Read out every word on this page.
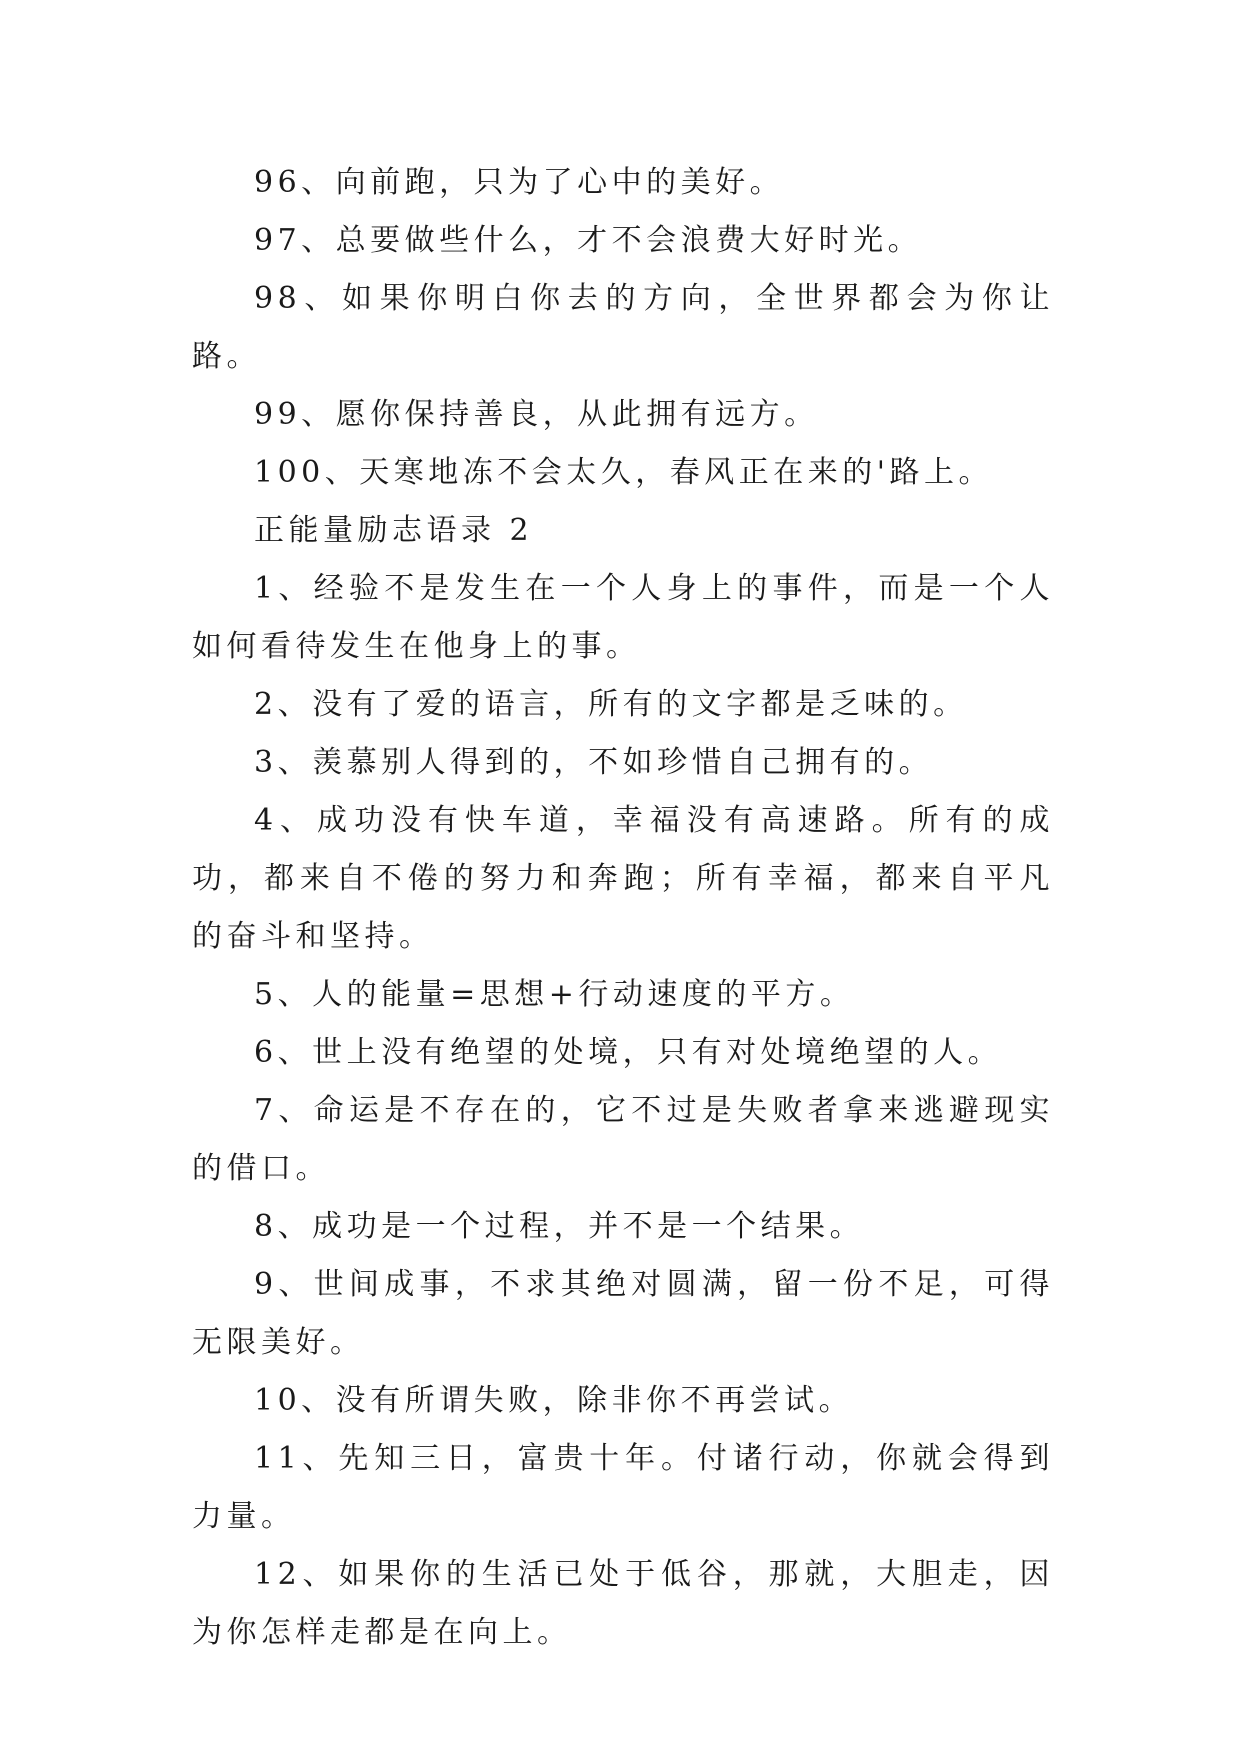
96、向前跑，只为了心中的美好。

97、总要做些什么，才不会浪费大好时光。

98、如果你明白你去的方向，全世界都会为你让路。

99、愿你保持善良，从此拥有远方。

100、天寒地冻不会太久，春风正在来的'路上。

正能量励志语录 2

1、经验不是发生在一个人身上的事件，而是一个人如何看待发生在他身上的事。

2、没有了爱的语言，所有的文字都是乏味的。

3、羡慕别人得到的，不如珍惜自己拥有的。

4、成功没有快车道，幸福没有高速路。所有的成功，都来自不倦的努力和奔跑；所有幸福，都来自平凡的奋斗和坚持。

5、人的能量=思想+行动速度的平方。

6、世上没有绝望的处境，只有对处境绝望的人。

7、命运是不存在的，它不过是失败者拿来逃避现实的借口。

8、成功是一个过程，并不是一个结果。

9、世间成事，不求其绝对圆满，留一份不足，可得无限美好。

10、没有所谓失败，除非你不再尝试。

11、先知三日，富贵十年。付诸行动，你就会得到力量。

12、如果你的生活已处于低谷，那就，大胆走，因为你怎样走都是在向上。
